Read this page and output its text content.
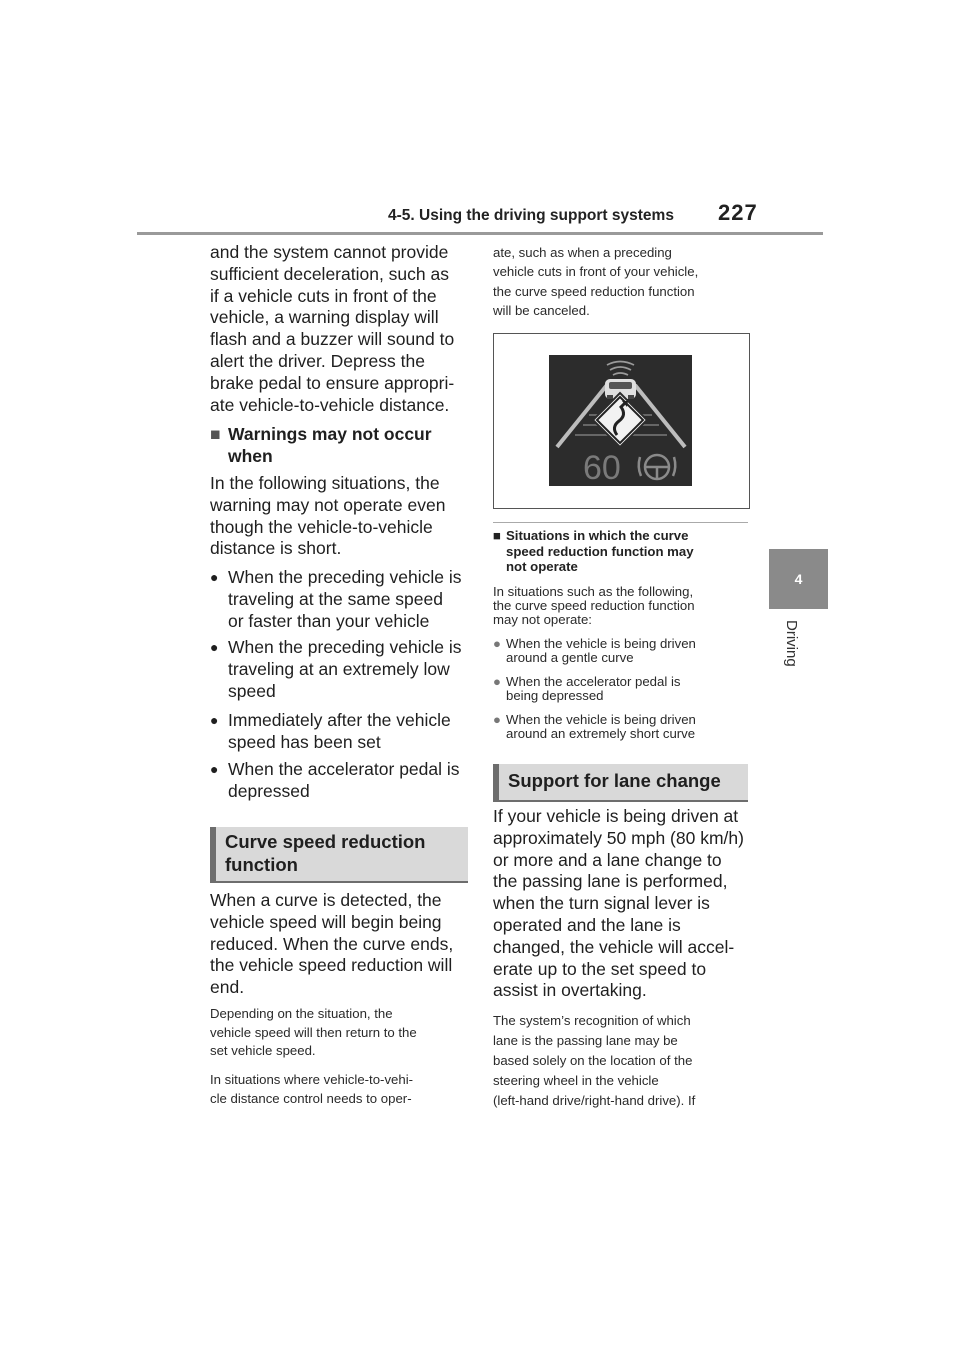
4-5. Using the driving support systems 227
4
Driving
and the system cannot provide
sufficient deceleration, such as
if a vehicle cuts in front of the
vehicle, a warning display will
flash and a buzzer will sound to
alert the driver. Depress the
brake pedal to ensure appropri-
ate vehicle-to-vehicle distance.
■ Warnings may not occur
when
In the following situations, the
warning may not operate even
though the vehicle-to-vehicle
distance is short.
● When the preceding vehicle is
traveling at the same speed
or faster than your vehicle
● When the preceding vehicle is
traveling at an extremely low
speed
● Immediately after the vehicle
speed has been set
● When the accelerator pedal is
depressed
Curve speed reduction
function
When a curve is detected, the
vehicle speed will begin being
reduced. When the curve ends,
the vehicle speed reduction will
end.
Depending on the situation, the
vehicle speed will then return to the
set vehicle speed.
In situations where vehicle-to-vehi-
cle distance control needs to oper-
ate, such as when a preceding
vehicle cuts in front of your vehicle,
the curve speed reduction function
will be canceled.
60
■ Situations in which the curve
speed reduction function may
not operate
In situations such as the following,
the curve speed reduction function
may not operate:
● When the vehicle is being driven
around a gentle curve
● When the accelerator pedal is
being depressed
● When the vehicle is being driven
around an extremely short curve
Support for lane change
If your vehicle is being driven at
approximately 50 mph (80 km/h)
or more and a lane change to
the passing lane is performed,
when the turn signal lever is
operated and the lane is
changed, the vehicle will accel-
erate up to the set speed to
assist in overtaking.
The system’s recognition of which
lane is the passing lane may be
based solely on the location of the
steering wheel in the vehicle
(left-hand drive/right-hand drive). If
